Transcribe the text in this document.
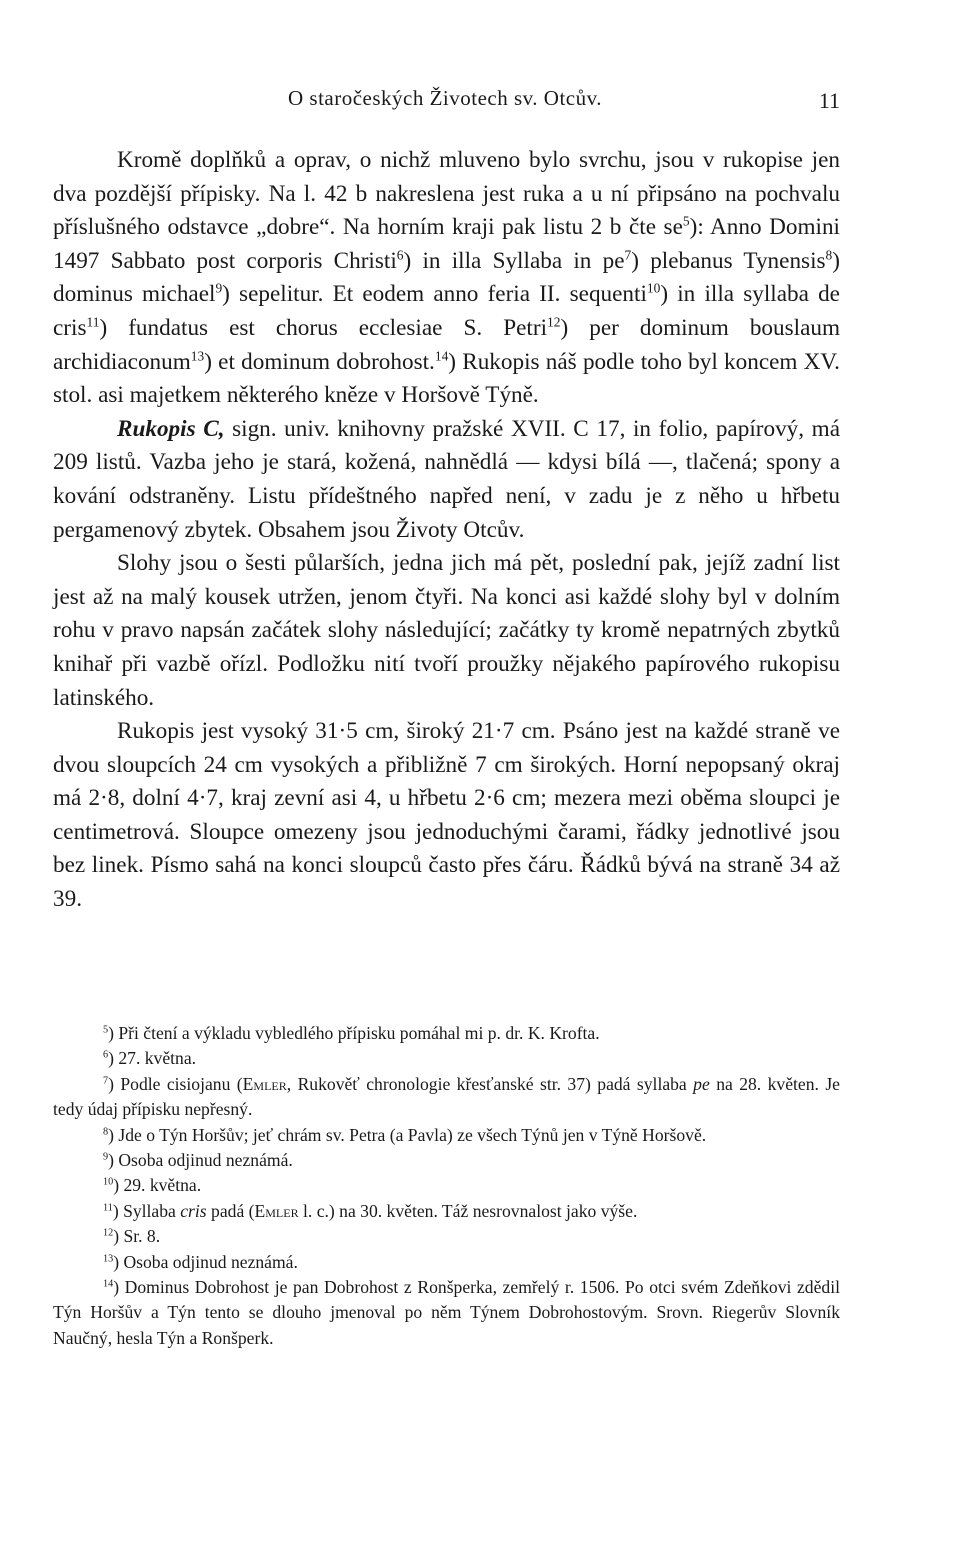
O staročeských Životech sv. Otcův.	11

Kromě doplňků a oprav, o nichž mluveno bylo svrchu, jsou v rukopise jen dva pozdější přípisky. Na l. 42 b nakreslena jest ruka a u ní připsáno na pochvalu příslušného odstavce „dobre“. Na horním kraji pak listu 2 b čte $se^5$): Anno Domini 1497 Sabbato post corporis Christi$^6$) in illa Syllaba in $pe^7$) plebanus Tynensis$^8$) dominus michael$^9$) sepelitur. Et eodem anno feria II. sequenti$^{10}$) in illa syllaba de cris$^{11}$) fundatus est chorus ecclesiae S. Petri$^{12}$) per dominum bouslaum archidiaconum$^{13}$) et dominum dobrohost.$^{14}$) Rukopis náš podle toho byl koncem XV. stol. asi majetkem některého kněze v Horšově Týně.

Rukopis C, sign. univ. knihovny pražské XVII. C 17, in folio, papírový, má 209 listů. Vazba jeho je stará, kožená, nahnědlá — kdysi bílá —, tlačená; spony a kování odstraněny. Listu přídeštného napřed není, v zadu je z něho u hřbetu pergamenový zbytek. Obsahem jsou Životy Otcův.

Slohy jsou o šesti půlarších, jedna jich má pět, poslední pak, jejíž zadní list jest až na malý kousek utržen, jenom čtyři. Na konci asi každé slohy byl v dolním rohu v pravo napsán začátek slohy následující; začátky ty kromě nepatrných zbytků knihař při vazbě ořízl. Podložku nití tvoří proužky nějakého papírového rukopisu latinského.

Rukopis jest vysoký 31·5 cm, široký 21·7 cm. Psáno jest na každé straně ve dvou sloupcích 24 cm vysokých a přibližně 7 cm širokých. Horní nepopsaný okraj má 2·8, dolní 4·7, kraj zevní asi 4, u hřbetu 2·6 cm; mezera mezi oběma sloupci je centimetrová. Sloupce omezeny jsou jednoduchými čarami, řádky jednotlivé jsou bez linek. Písmo sahá na konci sloupců často přes čáru. Řádků bývá na straně 34 až 39.

$^5$) Při čtení a výkladu vybledlého přípisku pomáhal mi p. dr. K. Krofta.

$^6$) 27. května.

$^7$) Podle cisiojanu (Emler, Rukověť chronologie křesťanské str. 37) padá syllaba pe na 28. květen. Je tedy údaj přípisku nepřesný.

$^8$) Jde o Týn Horšův; jeť chrám sv. Petra (a Pavla) ze všech Týnů jen v Týně Horšově.

$^9$) Osoba odjinud neznámá.

$^{10}$) 29. května.

$^{11}$) Syllaba cris padá (Emler l. c.) na 30. květen. Táž nesrovnalost jako výše.

$^{12}$) Sr. 8.

$^{13}$) Osoba odjinud neznámá.

$^{14}$) Dominus Dobrohost je pan Dobrohost z Ronšperka, zemřelý r. 1506. Po otci svém Zdeňkovi zdědil Týn Horšův a Týn tento se dlouho jmenoval po něm Týnem Dobrohostovým. Srovn. Riegerův Slovník Naučný, hesla Týn a Ronšperk.
